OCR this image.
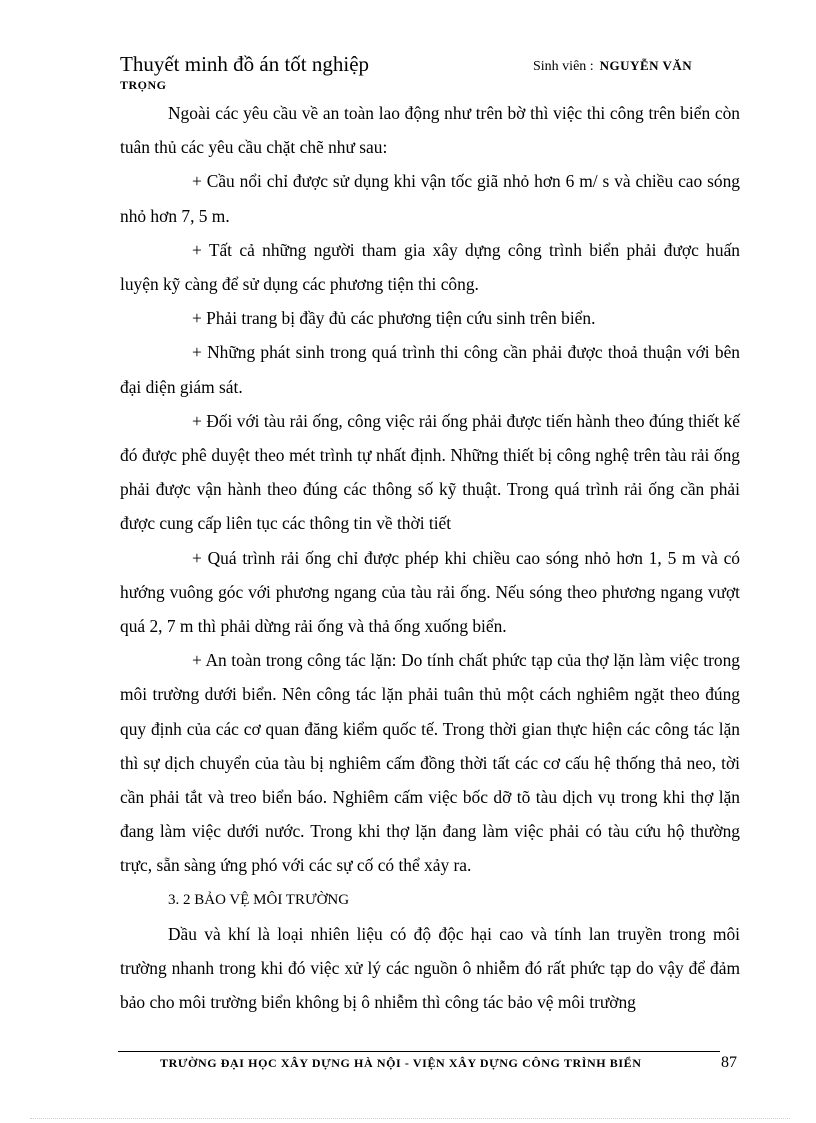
Thuyết minh đồ án tốt nghiệp	Sinh viên : NGUYỄN VĂN
TRỌNG

Ngoài các yêu cầu về an toàn lao động như trên bờ thì việc thi công trên biển còn tuân thủ các yêu cầu chặt chẽ như sau:

+ Cầu nổi chỉ được sử dụng khi vận tốc giã nhỏ hơn 6 m/ s và chiều cao sóng nhỏ hơn 7, 5 m.

+ Tất cả những người tham gia xây dựng công trình biển phải được huấn luyện kỹ càng để sử dụng các phương tiện thi công.

+ Phải trang bị đầy đủ các phương tiện cứu sinh trên biển.

+ Những phát sinh trong quá trình thi công cần phải được thoả thuận với bên đại diện giám sát.

+ Đối với tàu rải ống, công việc rải ống phải được tiến hành theo đúng thiết kế đó được phê duyệt theo mét trình tự nhất định. Những thiết bị công nghệ trên tàu rải ống phải được vận hành theo đúng các thông số kỹ thuật. Trong quá trình rải ống cần phải được cung cấp liên tục các thông tin về thời tiết

+ Quá trình rải ống chỉ được phép khi chiều cao sóng nhỏ hơn 1, 5 m và có hướng vuông góc với phương ngang của tàu rải ống. Nếu sóng theo phương ngang vượt quá 2, 7 m thì phải dừng rải ống và thả ống xuống biển.

+ An toàn trong công tác lặn: Do tính chất phức tạp của thợ lặn làm việc trong môi trường dưới biển. Nên công tác lặn phải tuân thủ một cách nghiêm ngặt theo đúng quy định của các cơ quan đăng kiểm quốc tế. Trong thời gian thực hiện các công tác lặn thì sự dịch chuyển của tàu bị nghiêm cấm đồng thời tất các cơ cấu hệ thống thả neo, tời cần phải tắt và treo biển báo. Nghiêm cấm việc bốc dỡ tõ tàu dịch vụ trong khi thợ lặn đang làm việc dưới nước. Trong khi thợ lặn đang làm việc phải có tàu cứu hộ thường trực, sẵn sàng ứng phó với các sự cố có thể xảy ra.

3. 2 BẢO VỆ MÔI TRƯỜNG

Dầu và khí là loại nhiên liệu có độ độc hại cao và tính lan truyền trong môi trường nhanh trong khi đó việc xử lý các nguồn ô nhiễm đó rất phức tạp do vậy để đảm bảo cho môi trường biển không bị ô nhiễm thì công tác bảo vệ môi trường

TRƯỜNG ĐẠI HỌC XÂY DỰNG HÀ NỘI - VIỆN XÂY DỰNG CÔNG TRÌNH BIỂN	87
